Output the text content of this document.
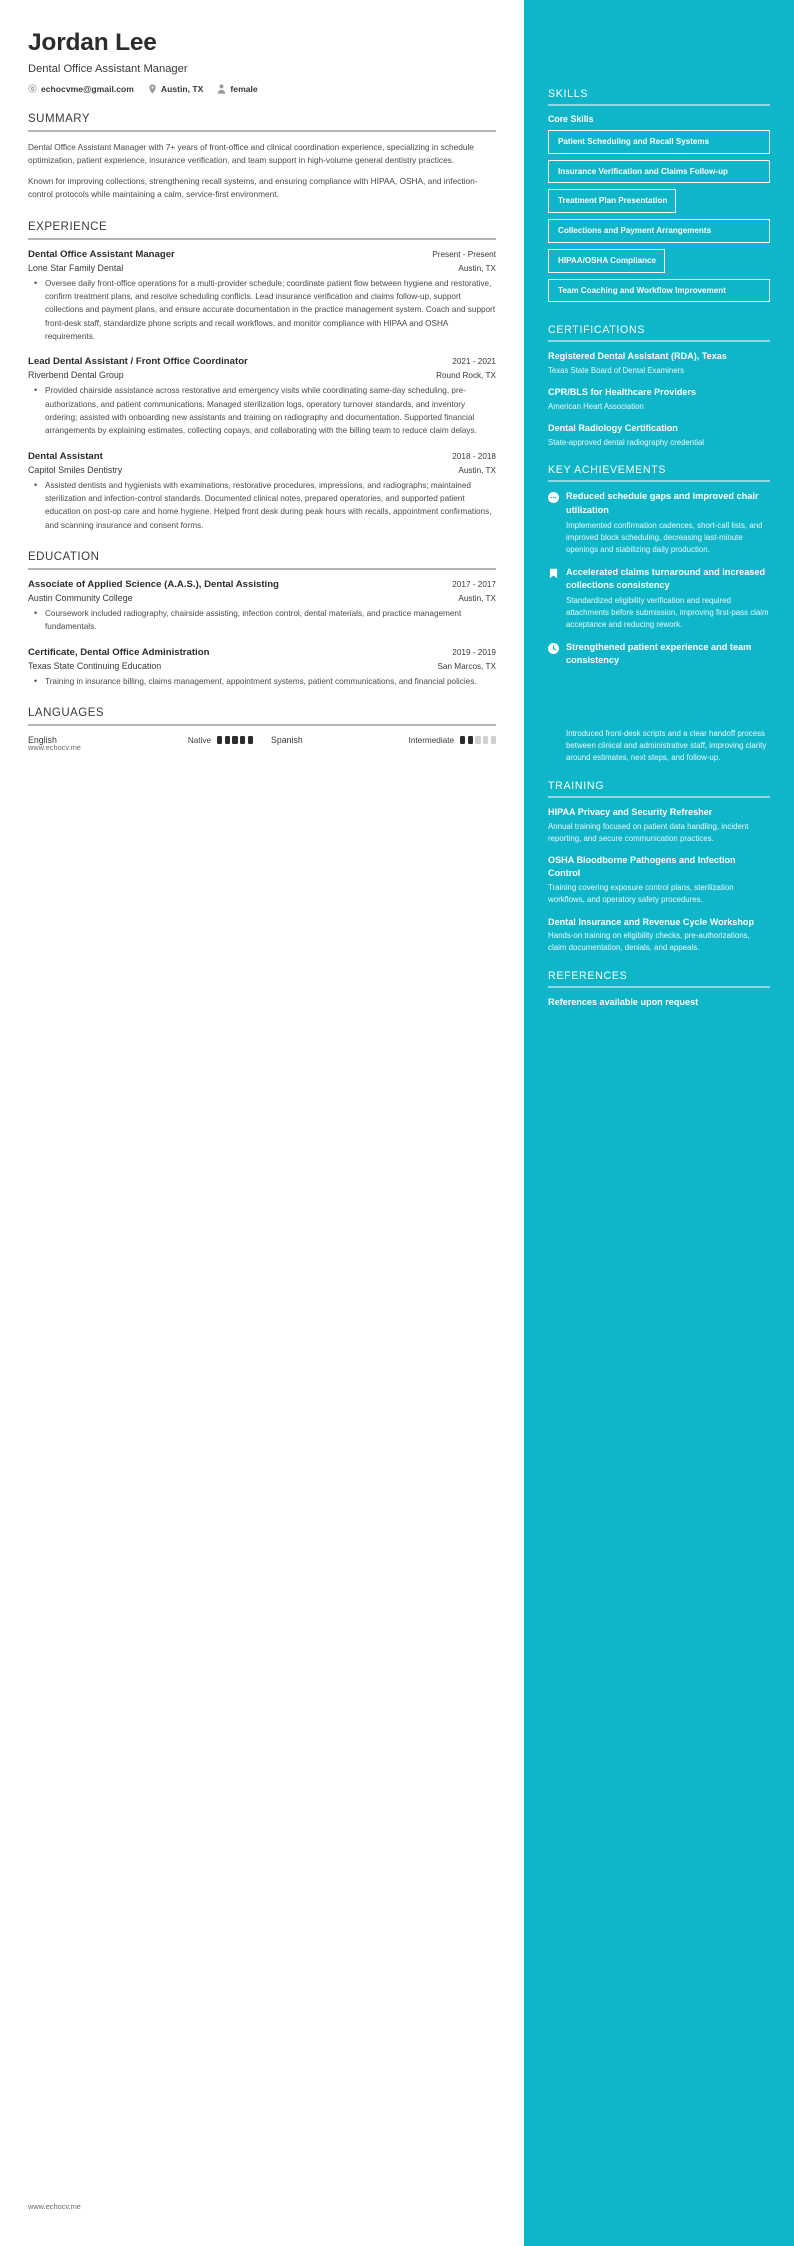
Jordan Lee
Dental Office Assistant Manager
echocvme@gmail.com	Austin, TX	female
SUMMARY
Dental Office Assistant Manager with 7+ years of front-office and clinical coordination experience, specializing in schedule optimization, patient experience, insurance verification, and team support in high-volume general dentistry practices.
Known for improving collections, strengthening recall systems, and ensuring compliance with HIPAA, OSHA, and infection-control protocols while maintaining a calm, service-first environment.
EXPERIENCE
Dental Office Assistant Manager	Present - Present
Lone Star Family Dental	Austin, TX
• Oversee daily front-office operations for a multi-provider schedule; coordinate patient flow between hygiene and restorative, confirm treatment plans, and resolve scheduling conflicts. Lead insurance verification and claims follow-up, support collections and payment plans, and ensure accurate documentation in the practice management system. Coach and support front-desk staff, standardize phone scripts and recall workflows, and monitor compliance with HIPAA and OSHA requirements.
Lead Dental Assistant / Front Office Coordinator	2021 - 2021
Riverbend Dental Group	Round Rock, TX
• Provided chairside assistance across restorative and emergency visits while coordinating same-day scheduling, pre-authorizations, and patient communications. Managed sterilization logs, operatory turnover standards, and inventory ordering; assisted with onboarding new assistants and training on radiography and documentation. Supported financial arrangements by explaining estimates, collecting copays, and collaborating with the billing team to reduce claim delays.
Dental Assistant	2018 - 2018
Capitol Smiles Dentistry	Austin, TX
• Assisted dentists and hygienists with examinations, restorative procedures, impressions, and radiographs; maintained sterilization and infection-control standards. Documented clinical notes, prepared operatories, and supported patient education on post-op care and home hygiene. Helped front desk during peak hours with recalls, appointment confirmations, and scanning insurance and consent forms.
EDUCATION
Associate of Applied Science (A.A.S.), Dental Assisting	2017 - 2017
Austin Community College	Austin, TX
• Coursework included radiography, chairside assisting, infection control, dental materials, and practice management fundamentals.
Certificate, Dental Office Administration	2019 - 2019
Texas State Continuing Education	San Marcos, TX
• Training in insurance billing, claims management, appointment systems, patient communications, and financial policies.
LANGUAGES
English	Native	Spanish	Intermediate
www.echocv.me
www.echocv.me
SKILLS
Core Skills
Patient Scheduling and Recall Systems
Insurance Verification and Claims Follow-up
Treatment Plan Presentation
Collections and Payment Arrangements
HIPAA/OSHA Compliance
Team Coaching and Workflow Improvement
CERTIFICATIONS
Registered Dental Assistant (RDA), Texas
Texas State Board of Dental Examiners
CPR/BLS for Healthcare Providers
American Heart Association
Dental Radiology Certification
State-approved dental radiography credential
KEY ACHIEVEMENTS
Reduced schedule gaps and improved chair utilization
Implemented confirmation cadences, short-call lists, and improved block scheduling, decreasing last-minute openings and stabilizing daily production.
Accelerated claims turnaround and increased collections consistency
Standardized eligibility verification and required attachments before submission, improving first-pass claim acceptance and reducing rework.
Strengthened patient experience and team consistency
Introduced front-desk scripts and a clear handoff process between clinical and administrative staff, improving clarity around estimates, next steps, and follow-up.
TRAINING
HIPAA Privacy and Security Refresher
Annual training focused on patient data handling, incident reporting, and secure communication practices.
OSHA Bloodborne Pathogens and Infection Control
Training covering exposure control plans, sterilization workflows, and operatory safety procedures.
Dental Insurance and Revenue Cycle Workshop
Hands-on training on eligibility checks, pre-authorizations, claim documentation, denials, and appeals.
REFERENCES
References available upon request
